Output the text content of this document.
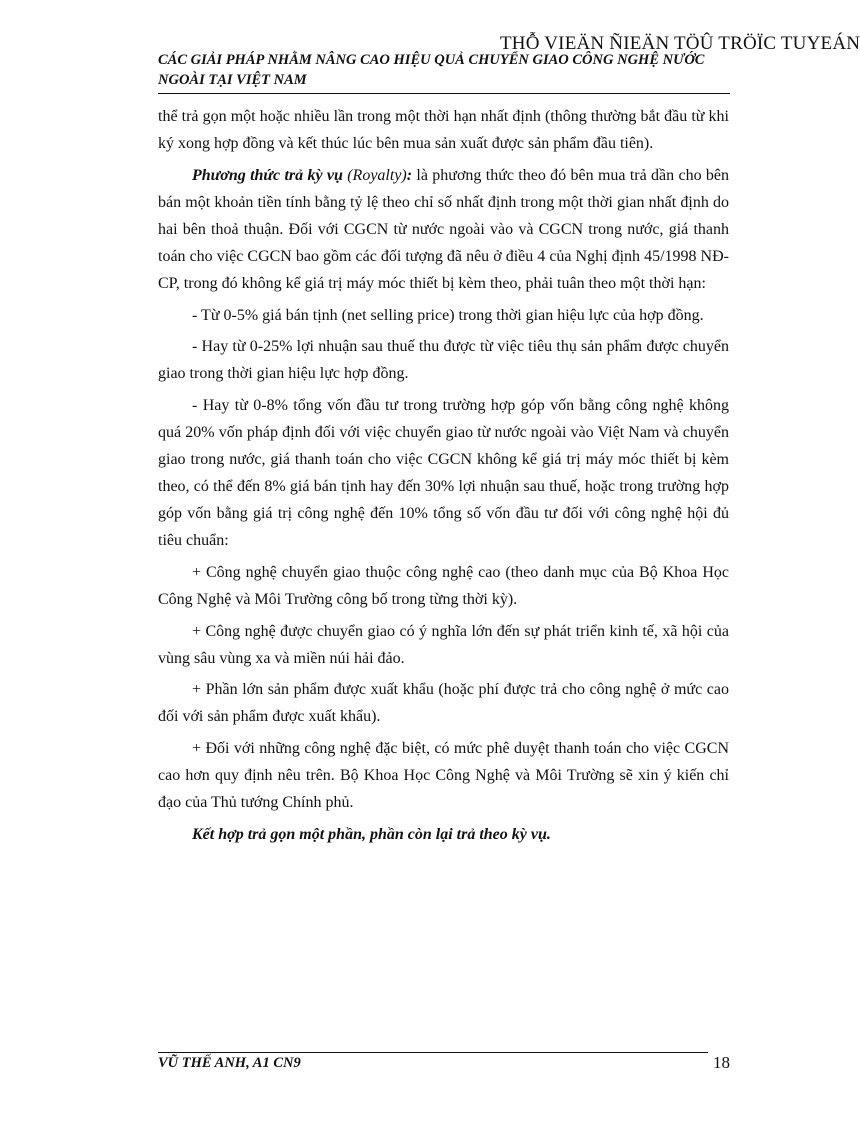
THỖ VIEÄN ÑIEÄN TÖÛ TRÖÏC TUYEÁN
CÁC GIẢI PHÁP NHẰM NÂNG CAO HIỆU QUẢ CHUYỂN GIAO CÔNG NGHỆ NƯỚC
NGOÀI TẠI VIỆT NAM

thể trả gọn một hoặc nhiều lần trong một thời hạn nhất định (thông thường bắt đầu từ khi ký xong hợp đồng và kết thúc lúc bên mua sản xuất được sản phẩm đầu tiên).

Phương thức trả kỳ vụ (Royalty): là phương thức theo đó bên mua trả dần cho bên bán một khoản tiền tính bằng tỷ lệ theo chỉ số nhất định trong một thời gian nhất định do hai bên thoả thuận. Đối với CGCN từ nước ngoài vào và CGCN trong nước, giá thanh toán cho việc CGCN bao gồm các đối tượng đã nêu ở điều 4 của Nghị định 45/1998 NĐ-CP, trong đó không kể giá trị máy móc thiết bị kèm theo, phải tuân theo một thời hạn:

- Từ 0-5% giá bán tịnh (net selling price) trong thời gian hiệu lực của hợp đồng.

- Hay từ 0-25% lợi nhuận sau thuế thu được từ việc tiêu thụ sản phẩm được chuyển giao trong thời gian hiệu lực hợp đồng.

- Hay từ 0-8% tổng vốn đầu tư trong trường hợp góp vốn bằng công nghệ không quá 20% vốn pháp định đối với việc chuyển giao từ nước ngoài vào Việt Nam và chuyển giao trong nước, giá thanh toán cho việc CGCN không kể giá trị máy móc thiết bị kèm theo, có thể đến 8% giá bán tịnh hay đến 30% lợi nhuận sau thuế, hoặc trong trường hợp góp vốn bằng giá trị công nghệ đến 10% tổng số vốn đầu tư đối với công nghệ hội đủ tiêu chuẩn:

+ Công nghệ chuyển giao thuộc công nghệ cao (theo danh mục của Bộ Khoa Học Công Nghệ và Môi Trường công bố trong từng thời kỳ).

+ Công nghệ được chuyển giao có ý nghĩa lớn đến sự phát triển kinh tế, xã hội của vùng sâu vùng xa và miền núi hải đảo.

+ Phần lớn sản phẩm được xuất khẩu (hoặc phí được trả cho công nghệ ở mức cao đối với sản phẩm được xuất khẩu).

+ Đối với những công nghệ đặc biệt, có mức phê duyệt thanh toán cho việc CGCN cao hơn quy định nêu trên. Bộ Khoa Học Công Nghệ và Môi Trường sẽ xin ý kiến chỉ đạo của Thủ tướng Chính phủ.

Kết hợp trả gọn một phần, phần còn lại trả theo kỳ vụ.

VŨ THẾ ANH, A1 CN9	18
